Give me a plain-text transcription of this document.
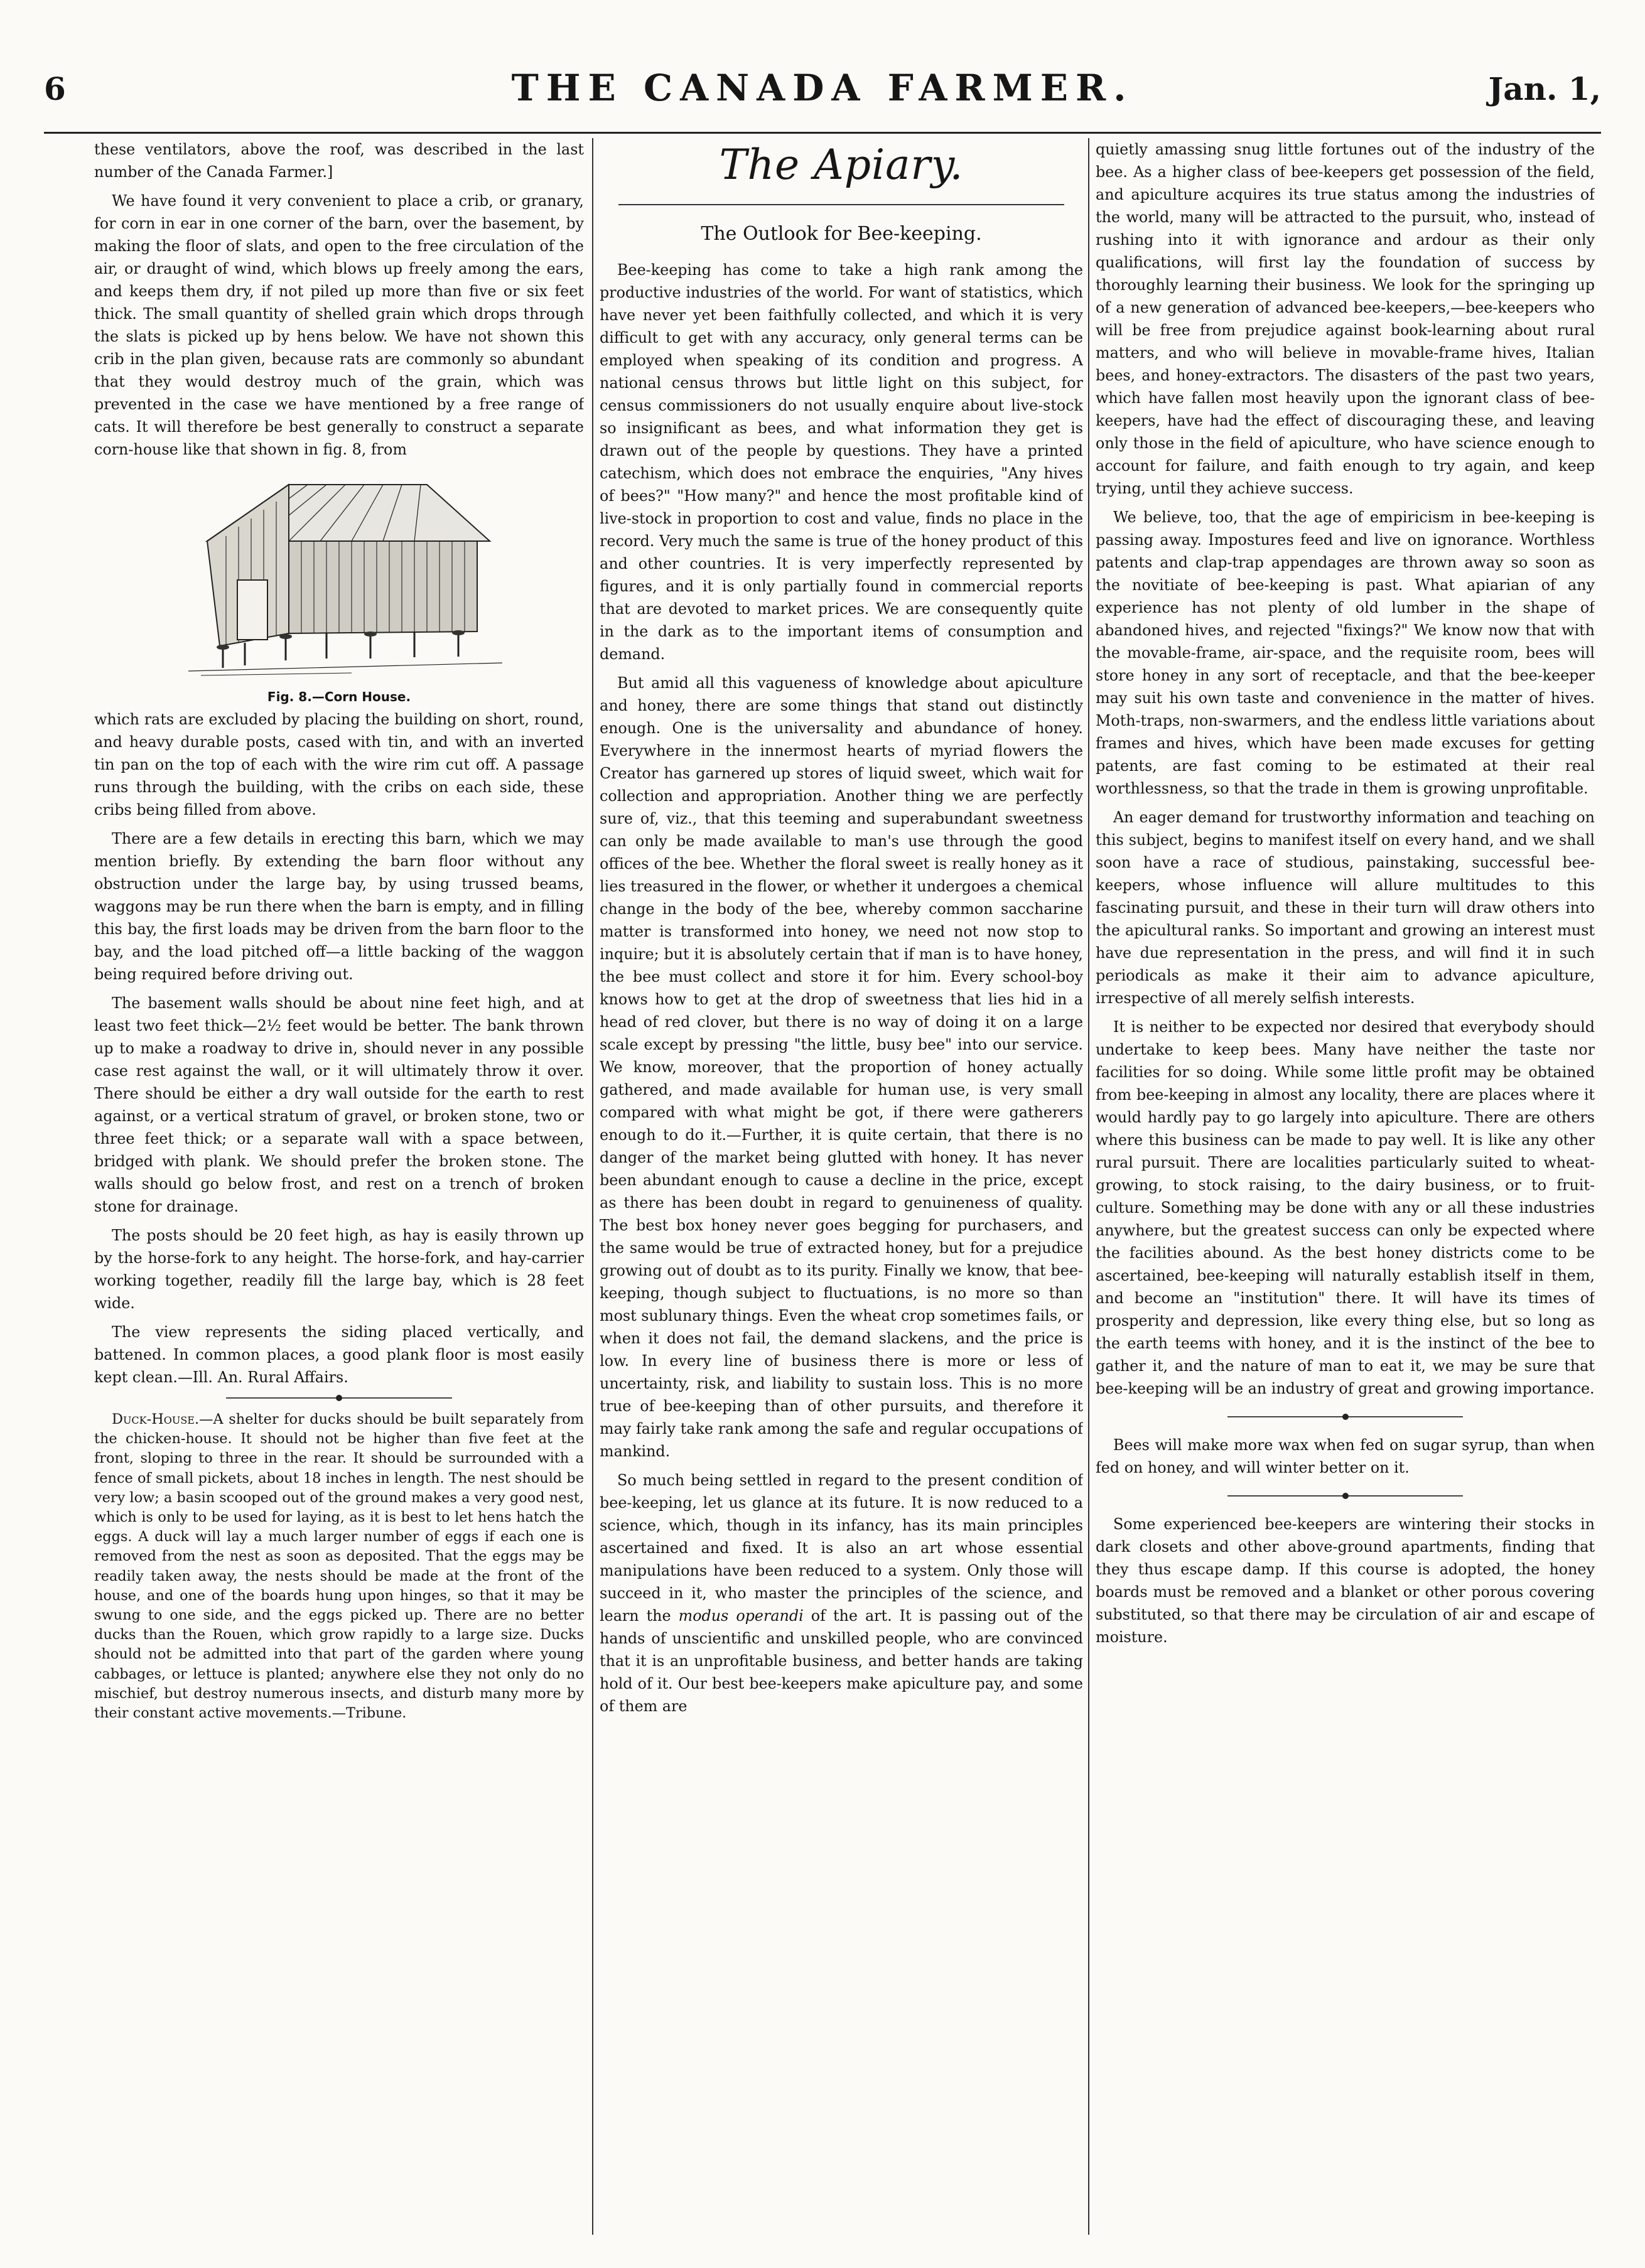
6	THE CANADA FARMER.	Jan. 1,

these ventilators, above the roof, was described in the last number of the Canada Farmer.]

We have found it very convenient to place a crib, or granary, for corn in ear in one corner of the barn, over the basement, by making the floor of slats, and open to the free circulation of the air, or draught of wind, which blows up freely among the ears, and keeps them dry, if not piled up more than five or six feet thick. The small quantity of shelled grain which drops through the slats is picked up by hens below. We have not shown this crib in the plan given, because rats are commonly so abundant that they would destroy much of the grain, which was prevented in the case we have mentioned by a free range of cats. It will therefore be best generally to construct a separate corn-house like that shown in fig. 8, from

Fig. 8.—Corn House.

which rats are excluded by placing the building on short, round, and heavy durable posts, cased with tin, and with an inverted tin pan on the top of each with the wire rim cut off. A passage runs through the building, with the cribs on each side, these cribs being filled from above.

There are a few details in erecting this barn, which we may mention briefly. By extending the barn floor without any obstruction under the large bay, by using trussed beams, waggons may be run there when the barn is empty, and in filling this bay, the first loads may be driven from the barn floor to the bay, and the load pitched off—a little backing of the waggon being required before driving out.

The basement walls should be about nine feet high, and at least two feet thick—2½ feet would be better. The bank thrown up to make a roadway to drive in, should never in any possible case rest against the wall, or it will ultimately throw it over. There should be either a dry wall outside for the earth to rest against, or a vertical stratum of gravel, or broken stone, two or three feet thick; or a separate wall with a space between, bridged with plank. We should prefer the broken stone. The walls should go below frost, and rest on a trench of broken stone for drainage.

The posts should be 20 feet high, as hay is easily thrown up by the horse-fork to any height. The horse-fork, and hay-carrier working together, readily fill the large bay, which is 28 feet wide.

The view represents the siding placed vertically, and battened. In common places, a good plank floor is most easily kept clean.—Ill. An. Rural Affairs.

Duck-House.—A shelter for ducks should be built separately from the chicken-house. It should not be higher than five feet at the front, sloping to three in the rear. It should be surrounded with a fence of small pickets, about 18 inches in length. The nest should be very low; a basin scooped out of the ground makes a very good nest, which is only to be used for laying, as it is best to let hens hatch the eggs. A duck will lay a much larger number of eggs if each one is removed from the nest as soon as deposited. That the eggs may be readily taken away, the nests should be made at the front of the house, and one of the boards hung upon hinges, so that it may be swung to one side, and the eggs picked up. There are no better ducks than the Rouen, which grow rapidly to a large size. Ducks should not be admitted into that part of the garden where young cabbages, or lettuce is planted; anywhere else they not only do no mischief, but destroy numerous insects, and disturb many more by their constant active movements.—Tribune.

The Apiary.
The Outlook for Bee-keeping.

Bee-keeping has come to take a high rank among the productive industries of the world. For want of statistics, which have never yet been faithfully collected, and which it is very difficult to get with any accuracy, only general terms can be employed when speaking of its condition and progress. A national census throws but little light on this subject, for census commissioners do not usually enquire about live-stock so insignificant as bees, and what information they get is drawn out of the people by questions. They have a printed catechism, which does not embrace the enquiries, "Any hives of bees?" "How many?" and hence the most profitable kind of live-stock in proportion to cost and value, finds no place in the record. Very much the same is true of the honey product of this and other countries. It is very imperfectly represented by figures, and it is only partially found in commercial reports that are devoted to market prices. We are consequently quite in the dark as to the important items of consumption and demand.

But amid all this vagueness of knowledge about apiculture and honey, there are some things that stand out distinctly enough. One is the universality and abundance of honey. Everywhere in the innermost hearts of myriad flowers the Creator has garnered up stores of liquid sweet, which wait for collection and appropriation. Another thing we are perfectly sure of, viz., that this teeming and superabundant sweetness can only be made available to man's use through the good offices of the bee. Whether the floral sweet is really honey as it lies treasured in the flower, or whether it undergoes a chemical change in the body of the bee, whereby common saccharine matter is transformed into honey, we need not now stop to inquire; but it is absolutely certain that if man is to have honey, the bee must collect and store it for him. Every school-boy knows how to get at the drop of sweetness that lies hid in a head of red clover, but there is no way of doing it on a large scale except by pressing "the little, busy bee" into our service. We know, moreover, that the proportion of honey actually gathered, and made available for human use, is very small compared with what might be got, if there were gatherers enough to do it.—Further, it is quite certain, that there is no danger of the market being glutted with honey. It has never been abundant enough to cause a decline in the price, except as there has been doubt in regard to genuineness of quality. The best box honey never goes begging for purchasers, and the same would be true of extracted honey, but for a prejudice growing out of doubt as to its purity. Finally we know, that bee-keeping, though subject to fluctuations, is no more so than most sublunary things. Even the wheat crop sometimes fails, or when it does not fail, the demand slackens, and the price is low. In every line of business there is more or less of uncertainty, risk, and liability to sustain loss. This is no more true of bee-keeping than of other pursuits, and therefore it may fairly take rank among the safe and regular occupations of mankind.

So much being settled in regard to the present condition of bee-keeping, let us glance at its future. It is now reduced to a science, which, though in its infancy, has its main principles ascertained and fixed. It is also an art whose essential manipulations have been reduced to a system. Only those will succeed in it, who master the principles of the science, and learn the modus operandi of the art. It is passing out of the hands of unscientific and unskilled people, who are convinced that it is an unprofitable business, and better hands are taking hold of it. Our best bee-keepers make apiculture pay, and some of them are

quietly amassing snug little fortunes out of the industry of the bee. As a higher class of bee-keepers get possession of the field, and apiculture acquires its true status among the industries of the world, many will be attracted to the pursuit, who, instead of rushing into it with ignorance and ardour as their only qualifications, will first lay the foundation of success by thoroughly learning their business. We look for the springing up of a new generation of advanced bee-keepers,—bee-keepers who will be free from prejudice against book-learning about rural matters, and who will believe in movable-frame hives, Italian bees, and honey-extractors. The disasters of the past two years, which have fallen most heavily upon the ignorant class of bee-keepers, have had the effect of discouraging these, and leaving only those in the field of apiculture, who have science enough to account for failure, and faith enough to try again, and keep trying, until they achieve success.

We believe, too, that the age of empiricism in bee-keeping is passing away. Impostures feed and live on ignorance. Worthless patents and clap-trap appendages are thrown away so soon as the novitiate of bee-keeping is past. What apiarian of any experience has not plenty of old lumber in the shape of abandoned hives, and rejected "fixings?" We know now that with the movable-frame, air-space, and the requisite room, bees will store honey in any sort of receptacle, and that the bee-keeper may suit his own taste and convenience in the matter of hives. Moth-traps, non-swarmers, and the endless little variations about frames and hives, which have been made excuses for getting patents, are fast coming to be estimated at their real worthlessness, so that the trade in them is growing unprofitable.

An eager demand for trustworthy information and teaching on this subject, begins to manifest itself on every hand, and we shall soon have a race of studious, painstaking, successful bee-keepers, whose influence will allure multitudes to this fascinating pursuit, and these in their turn will draw others into the apicultural ranks. So important and growing an interest must have due representation in the press, and will find it in such periodicals as make it their aim to advance apiculture, irrespective of all merely selfish interests.

It is neither to be expected nor desired that everybody should undertake to keep bees. Many have neither the taste nor facilities for so doing. While some little profit may be obtained from bee-keeping in almost any locality, there are places where it would hardly pay to go largely into apiculture. There are others where this business can be made to pay well. It is like any other rural pursuit. There are localities particularly suited to wheat-growing, to stock raising, to the dairy business, or to fruit-culture. Something may be done with any or all these industries anywhere, but the greatest success can only be expected where the facilities abound. As the best honey districts come to be ascertained, bee-keeping will naturally establish itself in them, and become an "institution" there. It will have its times of prosperity and depression, like every thing else, but so long as the earth teems with honey, and it is the instinct of the bee to gather it, and the nature of man to eat it, we may be sure that bee-keeping will be an industry of great and growing importance.

Bees will make more wax when fed on sugar syrup, than when fed on honey, and will winter better on it.

Some experienced bee-keepers are wintering their stocks in dark closets and other above-ground apartments, finding that they thus escape damp. If this course is adopted, the honey boards must be removed and a blanket or other porous covering substituted, so that there may be circulation of air and escape of moisture.
